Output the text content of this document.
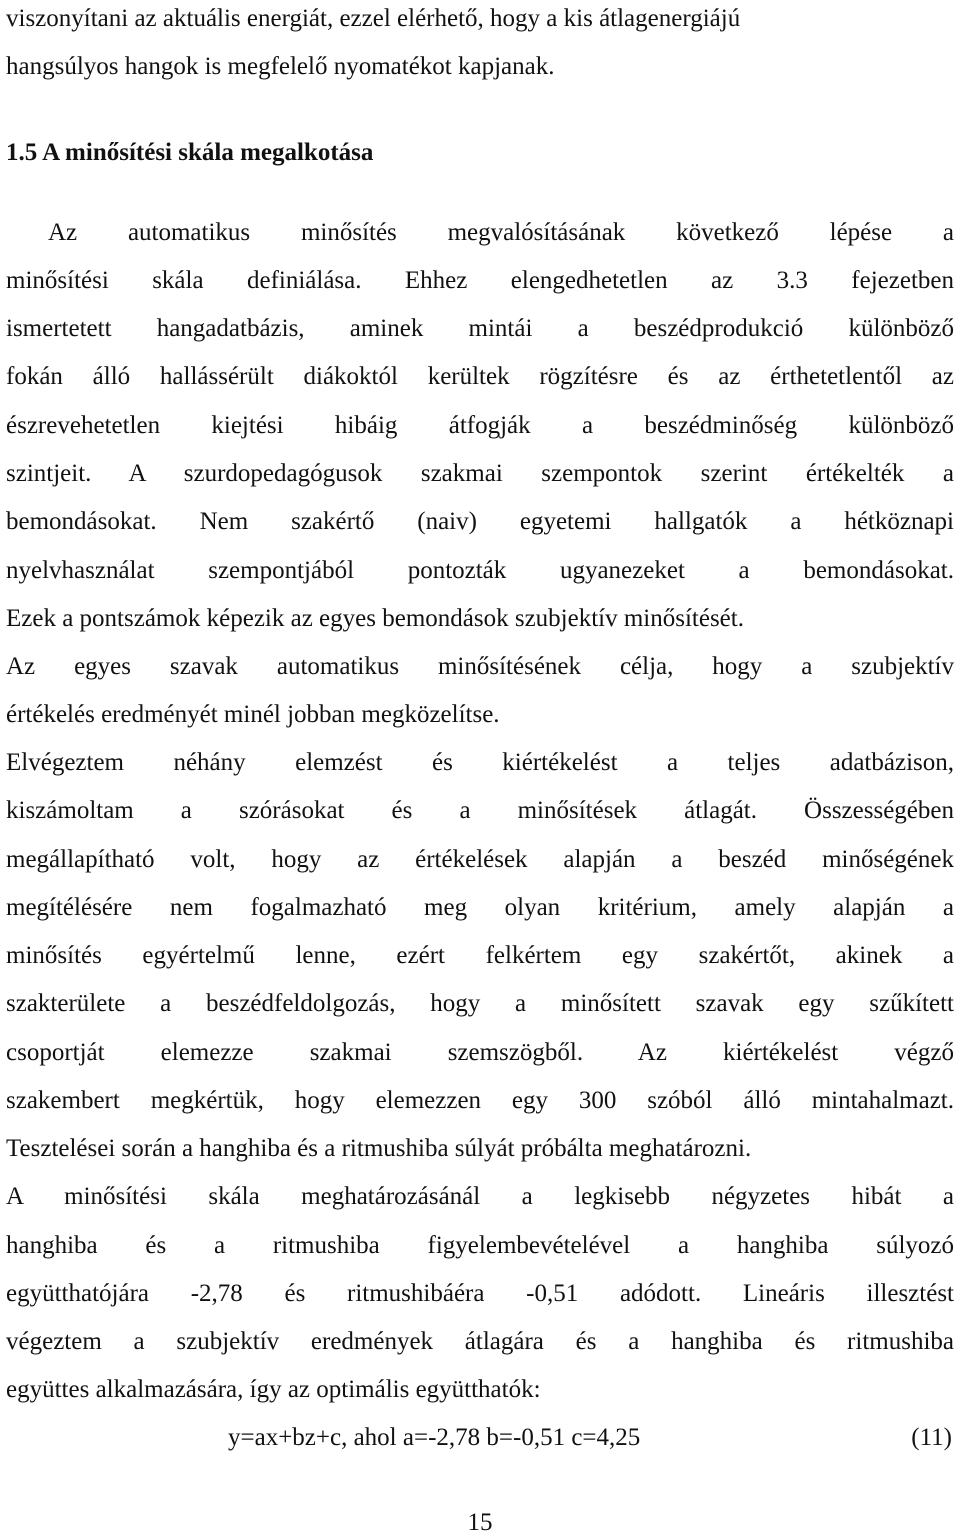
viszonyítani az aktuális energiát, ezzel elérhető, hogy a kis átlagenergiájú
hangsúlyos hangok is megfelelő nyomatékot kapjanak.
1.5 A minősítési skála megalkotása
Az automatikus minősítés megvalósításának következő lépése a
minősítési skála definiálása. Ehhez elengedhetetlen az 3.3 fejezetben
ismertetett hangadatbázis, aminek mintái a beszédprodukció különböző
fokán álló hallássérült diákoktól kerültek rögzítésre és az érthetetlentől az
észrevehetetlen kiejtési hibáig átfogják a beszédminőség különböző
szintjeit. A szurdopedagógusok szakmai szempontok szerint értékelték a
bemondásokat. Nem szakértő (naiv) egyetemi hallgatók a hétköznapi
nyelvhasználat szempontjából pontozták ugyanezeket a bemondásokat.
Ezek a pontszámok képezik az egyes bemondások szubjektív minősítését.
Az egyes szavak automatikus minősítésének célja, hogy a szubjektív
értékelés eredményét minél jobban megközelítse.
Elvégeztem néhány elemzést és kiértékelést a teljes adatbázison,
kiszámoltam a szórásokat és a minősítések átlagát. Összességében
megállapítható volt, hogy az értékelések alapján a beszéd minőségének
megítélésére nem fogalmazható meg olyan kritérium, amely alapján a
minősítés egyértelmű lenne, ezért felkértem egy szakértőt, akinek a
szakterülete a beszédfeldolgozás, hogy a minősített szavak egy szűkített
csoportját elemezze szakmai szemszögből. Az kiértékelést végző
szakembert megkértük, hogy elemezzen egy 300 szóból álló mintahalmazt.
Tesztelései során a hanghiba és a ritmushiba súlyát próbálta meghatározni.
A minősítési skála meghatározásánál a legkisebb négyzetes hibát a
hanghiba és a ritmushiba figyelembevételével a hanghiba súlyozó
együtthatójára -2,78 és ritmushibáéra -0,51 adódott. Lineáris illesztést
végeztem a szubjektív eredmények átlagára és a hanghiba és ritmushiba
együttes alkalmazására, így az optimális együtthatók:
y=ax+bz+c, ahol a=-2,78 b=-0,51 c=4,25	(11)
15
